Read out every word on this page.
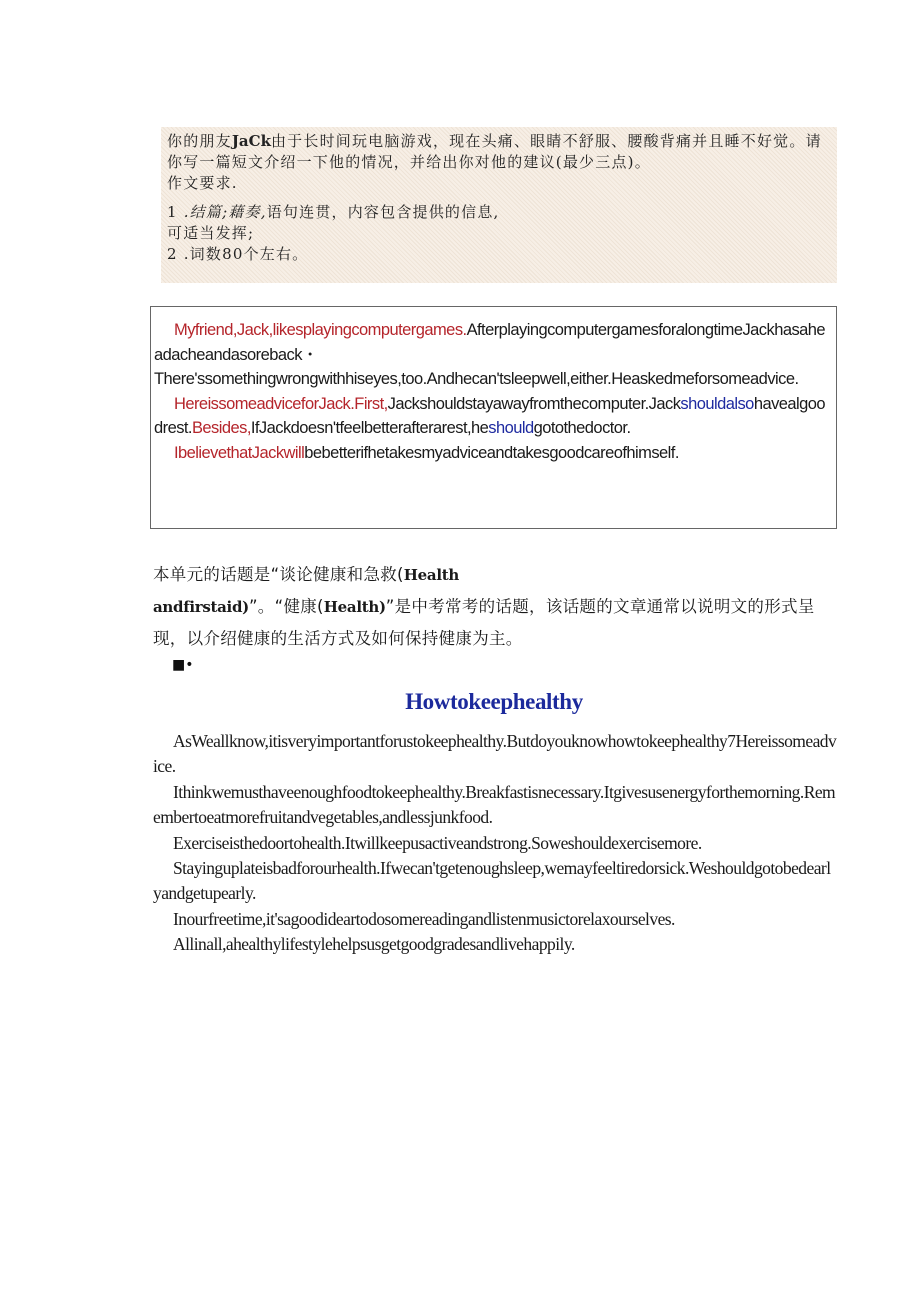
你的朋友JaCk由于长时间玩电脑游戏，现在头痛、眼睛不舒服、腰酸背痛并且睡不好觉。请你写一篇短文介绍一下他的情况，并给出你对他的建议(最少三点)。

作文要求.

1 .结篇;藉奏,语句连贯，内容包含提供的信息,

可适当发挥;

2 .词数80个左右。

Myfriend,Jack,likesplayingcomputergames.AfterplayingcomputergamesforalongtimeJackhasaheadacheandasoreback・

There'ssomethingwrongwithhiseyes,too.Andhecan'tsleepwell,either.Heaskedmeforsomeadvice.

HereissomeadviceforJack.First,Jackshouldstayawayfromthecomputer.Jackshouldalsohavealgoodrest.Besides,IfJackdoesn'tfeelbetterafterarest,heshouldgotothedoctor.

IbelievethatJackwillbebetterifhetakesmyadviceandtakesgoodcareofhimself.

本单元的话题是“谈论健康和急救(Health

andfirstaid)”。“健康(Health)”是中考常考的话题，该话题的文章通常以说明文的形式呈现，以介绍健康的生活方式及如何保持健康为主。

■•
Howtokeephealthy

AsWeallknow,itisveryimportantforustokeephealthy.Butdoyouknowhowtokeephealthy7Hereissomeadvice.

Ithinkwemusthaveenoughfoodtokeephealthy.Breakfastisnecessary.Itgivesusenergyforthemorning.Remembertoeatmorefruitandvegetables,andlessjunkfood.

Exerciseisthedoortohealth.Itwillkeepusactiveandstrong.Soweshouldexercisemore.

Stayinguplateisbadforourhealth.Ifwecan'tgetenoughsleep,wemayfeeltiredorsick.Weshouldgotobedearlyandgetupearly.

Inourfreetime,it'sagoodideartodosomereadingandlistenmusictorelaxourselves.

Allinall,ahealthylifestylehelpsusgetgoodgradesandlivehappily.
